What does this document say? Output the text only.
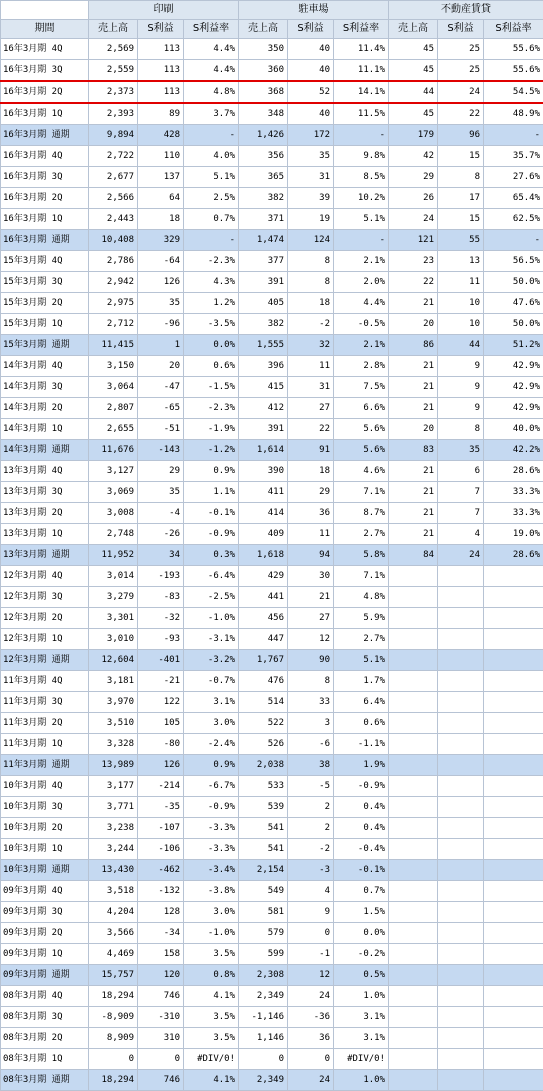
	印刷			駐車場			不動産賃貸		
期間	売上高	S利益	S利益率	売上高	S利益	S利益率	売上高	S利益	S利益率
16年3月期 4Q	2,569	113	4.4%	350	40	11.4%	45	25	55.6%
16年3月期 3Q	2,559	113	4.4%	360	40	11.1%	45	25	55.6%
16年3月期 2Q	2,373	113	4.8%	368	52	14.1%	44	24	54.5%
16年3月期 1Q	2,393	89	3.7%	348	40	11.5%	45	22	48.9%
16年3月期 通期	9,894	428	-	1,426	172	-	179	96	-
16年3月期 4Q	2,722	110	4.0%	356	35	9.8%	42	15	35.7%
16年3月期 3Q	2,677	137	5.1%	365	31	8.5%	29	8	27.6%
16年3月期 2Q	2,566	64	2.5%	382	39	10.2%	26	17	65.4%
16年3月期 1Q	2,443	18	0.7%	371	19	5.1%	24	15	62.5%
16年3月期 通期	10,408	329	-	1,474	124	-	121	55	-
15年3月期 4Q	2,786	-64	-2.3%	377	8	2.1%	23	13	56.5%
15年3月期 3Q	2,942	126	4.3%	391	8	2.0%	22	11	50.0%
15年3月期 2Q	2,975	35	1.2%	405	18	4.4%	21	10	47.6%
15年3月期 1Q	2,712	-96	-3.5%	382	-2	-0.5%	20	10	50.0%
15年3月期 通期	11,415	1	0.0%	1,555	32	2.1%	86	44	51.2%
14年3月期 4Q	3,150	20	0.6%	396	11	2.8%	21	9	42.9%
14年3月期 3Q	3,064	-47	-1.5%	415	31	7.5%	21	9	42.9%
14年3月期 2Q	2,807	-65	-2.3%	412	27	6.6%	21	9	42.9%
14年3月期 1Q	2,655	-51	-1.9%	391	22	5.6%	20	8	40.0%
14年3月期 通期	11,676	-143	-1.2%	1,614	91	5.6%	83	35	42.2%
13年3月期 4Q	3,127	29	0.9%	390	18	4.6%	21	6	28.6%
13年3月期 3Q	3,069	35	1.1%	411	29	7.1%	21	7	33.3%
13年3月期 2Q	3,008	-4	-0.1%	414	36	8.7%	21	7	33.3%
13年3月期 1Q	2,748	-26	-0.9%	409	11	2.7%	21	4	19.0%
13年3月期 通期	11,952	34	0.3%	1,618	94	5.8%	84	24	28.6%
12年3月期 4Q	3,014	-193	-6.4%	429	30	7.1%			
12年3月期 3Q	3,279	-83	-2.5%	441	21	4.8%			
12年3月期 2Q	3,301	-32	-1.0%	456	27	5.9%			
12年3月期 1Q	3,010	-93	-3.1%	447	12	2.7%			
12年3月期 通期	12,604	-401	-3.2%	1,767	90	5.1%			
11年3月期 4Q	3,181	-21	-0.7%	476	8	1.7%			
11年3月期 3Q	3,970	122	3.1%	514	33	6.4%			
11年3月期 2Q	3,510	105	3.0%	522	3	0.6%			
11年3月期 1Q	3,328	-80	-2.4%	526	-6	-1.1%			
11年3月期 通期	13,989	126	0.9%	2,038	38	1.9%			
10年3月期 4Q	3,177	-214	-6.7%	533	-5	-0.9%			
10年3月期 3Q	3,771	-35	-0.9%	539	2	0.4%			
10年3月期 2Q	3,238	-107	-3.3%	541	2	0.4%			
10年3月期 1Q	3,244	-106	-3.3%	541	-2	-0.4%			
10年3月期 通期	13,430	-462	-3.4%	2,154	-3	-0.1%			
09年3月期 4Q	3,518	-132	-3.8%	549	4	0.7%			
09年3月期 3Q	4,204	128	3.0%	581	9	1.5%			
09年3月期 2Q	3,566	-34	-1.0%	579	0	0.0%			
09年3月期 1Q	4,469	158	3.5%	599	-1	-0.2%			
09年3月期 通期	15,757	120	0.8%	2,308	12	0.5%			
08年3月期 4Q	18,294	746	4.1%	2,349	24	1.0%			
08年3月期 3Q	-8,909	-310	3.5%	-1,146	-36	3.1%			
08年3月期 2Q	8,909	310	3.5%	1,146	36	3.1%			
08年3月期 1Q	0	0	#DIV/0!	0	0	#DIV/0!			
08年3月期 通期	18,294	746	4.1%	2,349	24	1.0%			
